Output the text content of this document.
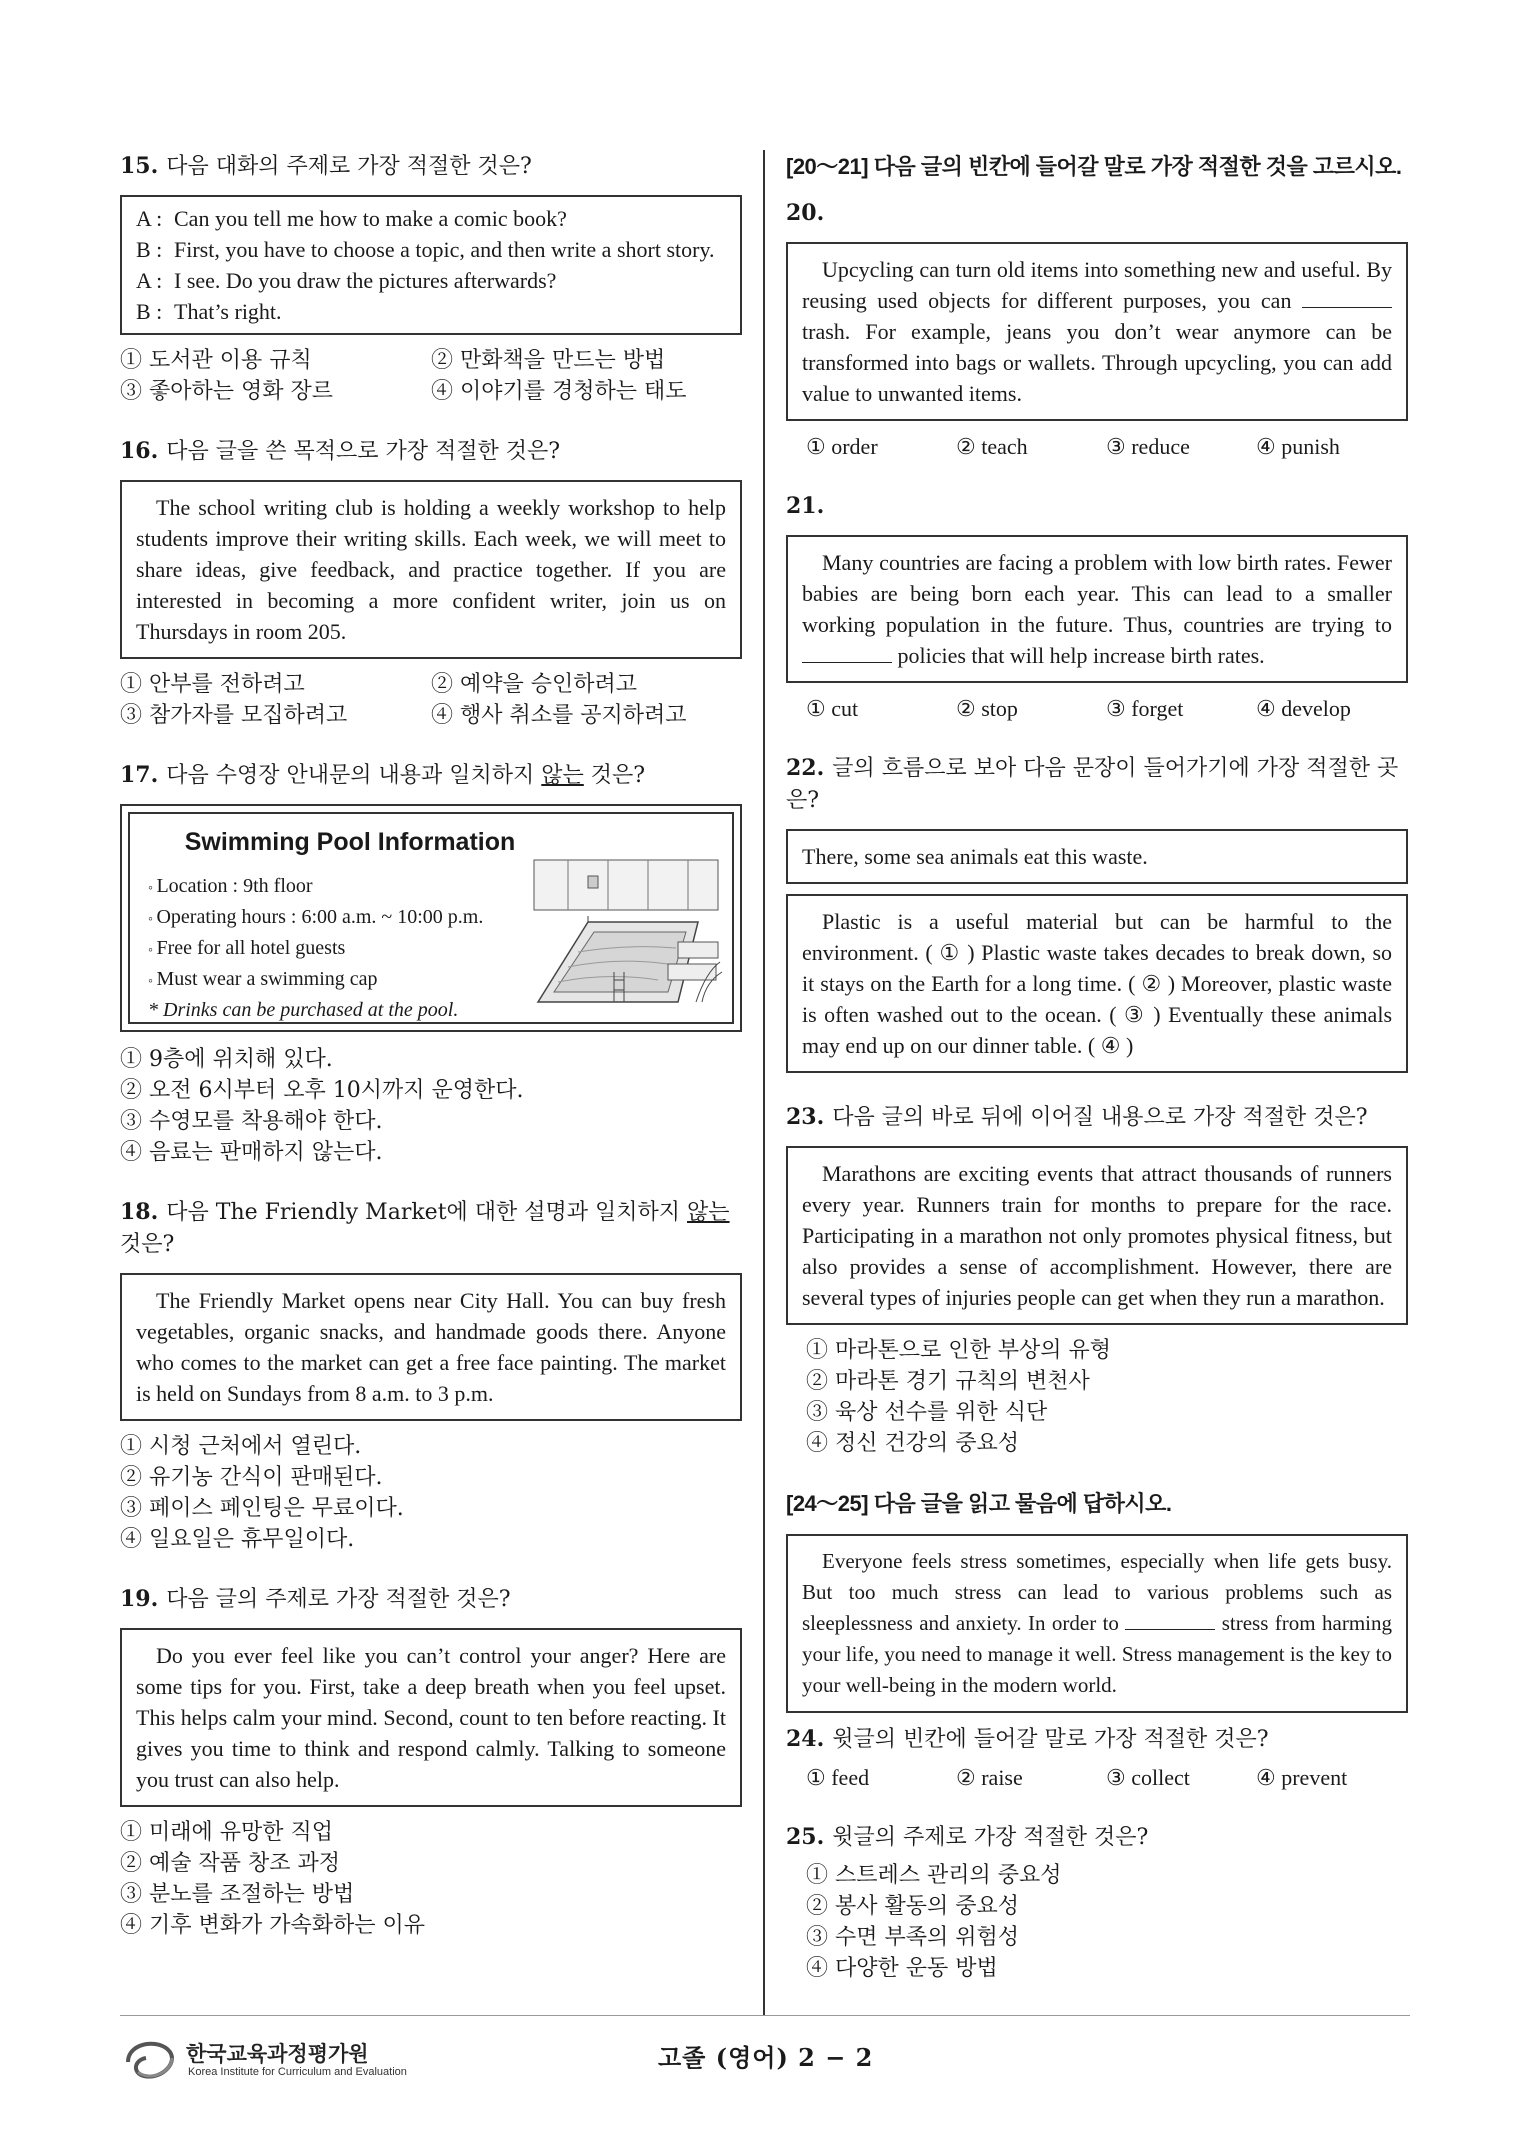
15. 다음 대화의 주제로 가장 적절한 것은?
A : Can you tell me how to make a comic book?
B : First, you have to choose a topic, and then write a short story.
A : I see. Do you draw the pictures afterwards?
B : That’s right.
① 도서관 이용 규칙	② 만화책을 만드는 방법
③ 좋아하는 영화 장르	④ 이야기를 경청하는 태도
16. 다음 글을 쓴 목적으로 가장 적절한 것은?
The school writing club is holding a weekly workshop to help students improve their writing skills. Each week, we will meet to share ideas, give feedback, and practice together. If you are interested in becoming a more confident writer, join us on Thursdays in room 205.
① 안부를 전하려고	② 예약을 승인하려고
③ 참가자를 모집하려고	④ 행사 취소를 공지하려고
17. 다음 수영장 안내문의 내용과 일치하지 않는 것은?
Swimming Pool Information
◦ Location : 9th floor
◦ Operating hours : 6:00 a.m. ~ 10:00 p.m.
◦ Free for all hotel guests
◦ Must wear a swimming cap
* Drinks can be purchased at the pool.
① 9층에 위치해 있다.
② 오전 6시부터 오후 10시까지 운영한다.
③ 수영모를 착용해야 한다.
④ 음료는 판매하지 않는다.
18. 다음 The Friendly Market에 대한 설명과 일치하지 않는 것은?
The Friendly Market opens near City Hall. You can buy fresh vegetables, organic snacks, and handmade goods there. Anyone who comes to the market can get a free face painting. The market is held on Sundays from 8 a.m. to 3 p.m.
① 시청 근처에서 열린다.
② 유기농 간식이 판매된다.
③ 페이스 페인팅은 무료이다.
④ 일요일은 휴무일이다.
19. 다음 글의 주제로 가장 적절한 것은?
Do you ever feel like you can’t control your anger? Here are some tips for you. First, take a deep breath when you feel upset. This helps calm your mind. Second, count to ten before reacting. It gives you time to think and respond calmly. Talking to someone you trust can also help.
① 미래에 유망한 직업
② 예술 작품 창조 과정
③ 분노를 조절하는 방법
④ 기후 변화가 가속화하는 이유
[20～21] 다음 글의 빈칸에 들어갈 말로 가장 적절한 것을 고르시오.
20.
Upcycling can turn old items into something new and useful. By reusing used objects for different purposes, you can  trash. For example, jeans you don’t wear anymore can be transformed into bags or wallets. Through upcycling, you can add value to unwanted items.
① order	② teach	③ reduce	④ punish
21.
Many countries are facing a problem with low birth rates. Fewer babies are being born each year. This can lead to a smaller working population in the future. Thus, countries are trying to  policies that will help increase birth rates.
① cut	② stop	③ forget	④ develop
22. 글의 흐름으로 보아 다음 문장이 들어가기에 가장 적절한 곳은?
There, some sea animals eat this waste.
Plastic is a useful material but can be harmful to the environment. ( ① ) Plastic waste takes decades to break down, so it stays on the Earth for a long time. ( ② ) Moreover, plastic waste is often washed out to the ocean. ( ③ ) Eventually these animals may end up on our dinner table. ( ④ )
23. 다음 글의 바로 뒤에 이어질 내용으로 가장 적절한 것은?
Marathons are exciting events that attract thousands of runners every year. Runners train for months to prepare for the race. Participating in a marathon not only promotes physical fitness, but also provides a sense of accomplishment. However, there are several types of injuries people can get when they run a marathon.
① 마라톤으로 인한 부상의 유형
② 마라톤 경기 규칙의 변천사
③ 육상 선수를 위한 식단
④ 정신 건강의 중요성
[24～25] 다음 글을 읽고 물음에 답하시오.
Everyone feels stress sometimes, especially when life gets busy. But too much stress can lead to various problems such as sleeplessness and anxiety. In order to	stress from harming your life, you need to manage it well. Stress management is the key to your well-being in the modern world.
24. 윗글의 빈칸에 들어갈 말로 가장 적절한 것은?
① feed	② raise	③ collect	④ prevent
25. 윗글의 주제로 가장 적절한 것은?
① 스트레스 관리의 중요성
② 봉사 활동의 중요성
③ 수면 부족의 위험성
④ 다양한 운동 방법
한국교육과정평가원
Korea Institute for Curriculum and Evaluation	고졸 (영어) 2 − 2
